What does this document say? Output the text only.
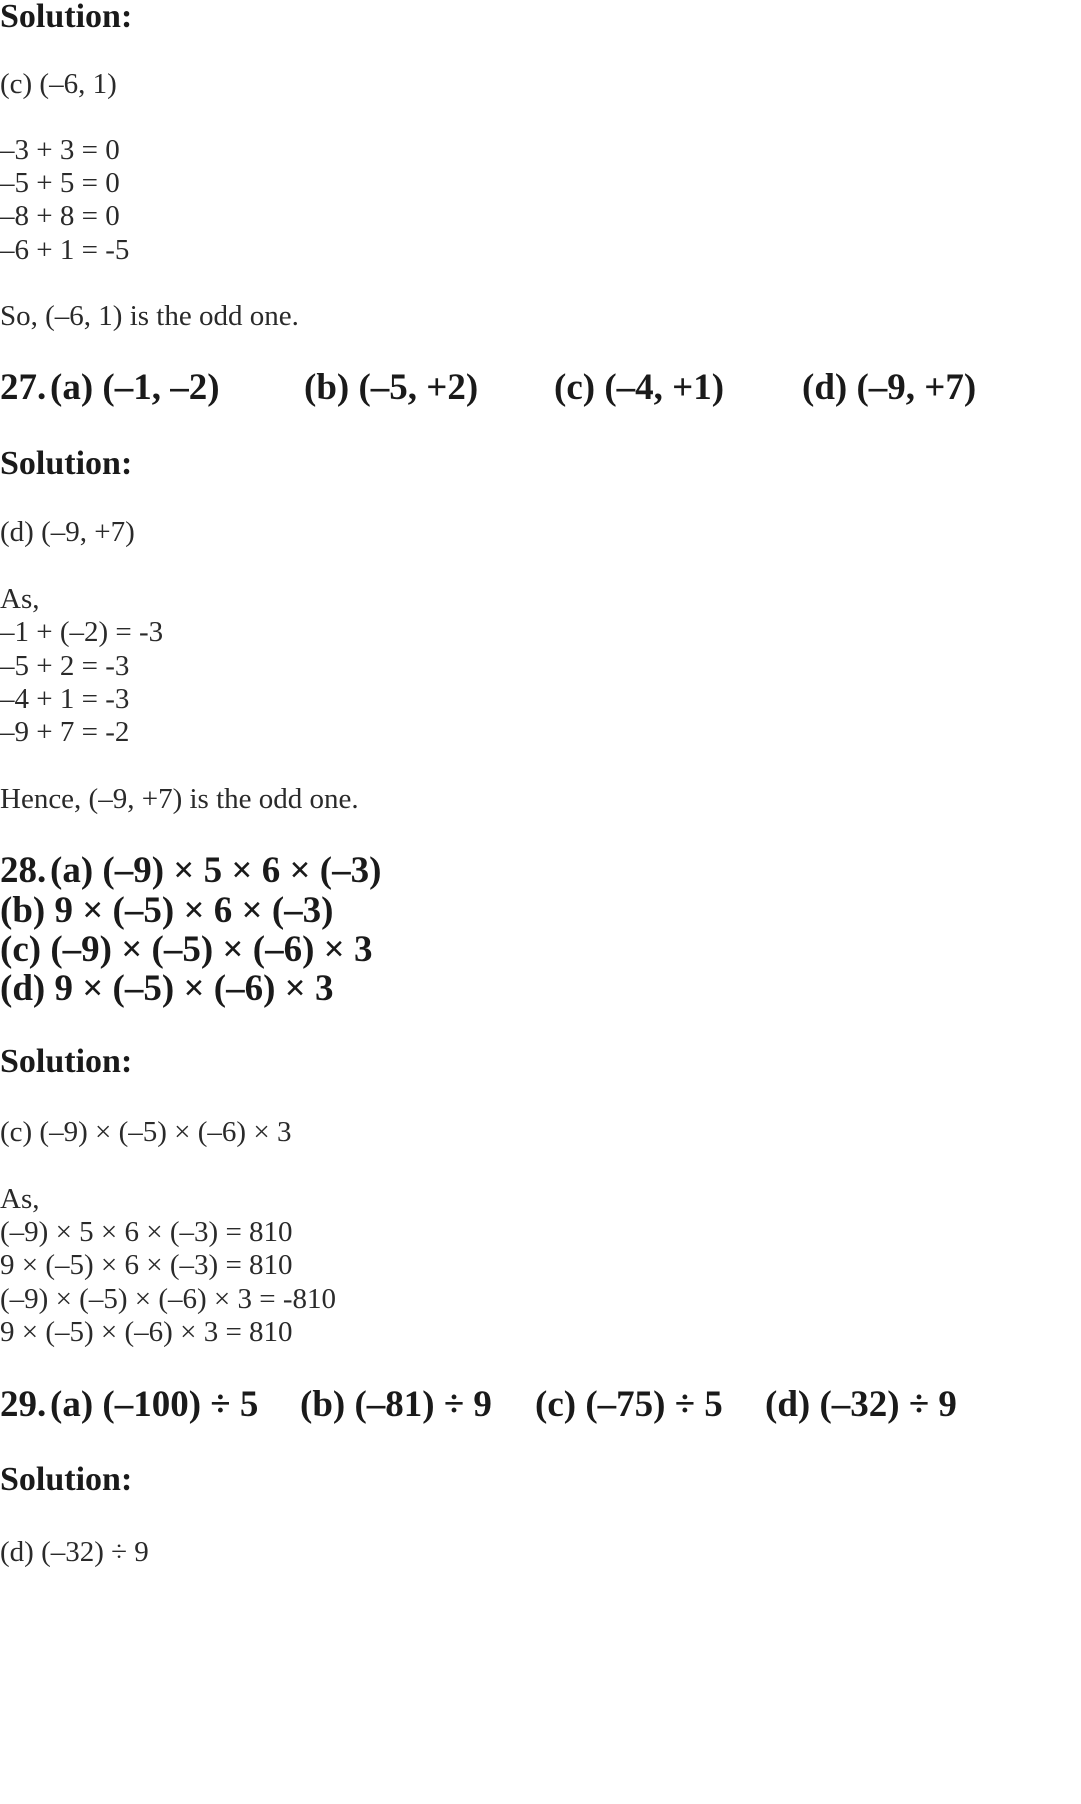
Solution:
(c) (–6, 1)
–3 + 3 = 0
–5 + 5 = 0
–8 + 8 = 0
–6 + 1 = -5
So, (–6, 1) is the odd one.
27. (a) (–1, –2) (b) (–5, +2) (c) (–4, +1) (d) (–9, +7)
Solution:
(d) (–9, +7)
As,
–1 + (–2) = -3
–5 + 2 = -3
–4 + 1 = -3
–9 + 7 = -2
Hence, (–9, +7) is the odd one.
28. (a) (–9) × 5 × 6 × (–3)
(b) 9 × (–5) × 6 × (–3)
(c) (–9) × (–5) × (–6) × 3
(d) 9 × (–5) × (–6) × 3
Solution:
(c) (–9) × (–5) × (–6) × 3
As,
(–9) × 5 × 6 × (–3) = 810
9 × (–5) × 6 × (–3) = 810
(–9) × (–5) × (–6) × 3 = -810
9 × (–5) × (–6) × 3 = 810
29. (a) (–100) ÷ 5 (b) (–81) ÷ 9 (c) (–75) ÷ 5 (d) (–32) ÷ 9
Solution:
(d) (–32) ÷ 9
